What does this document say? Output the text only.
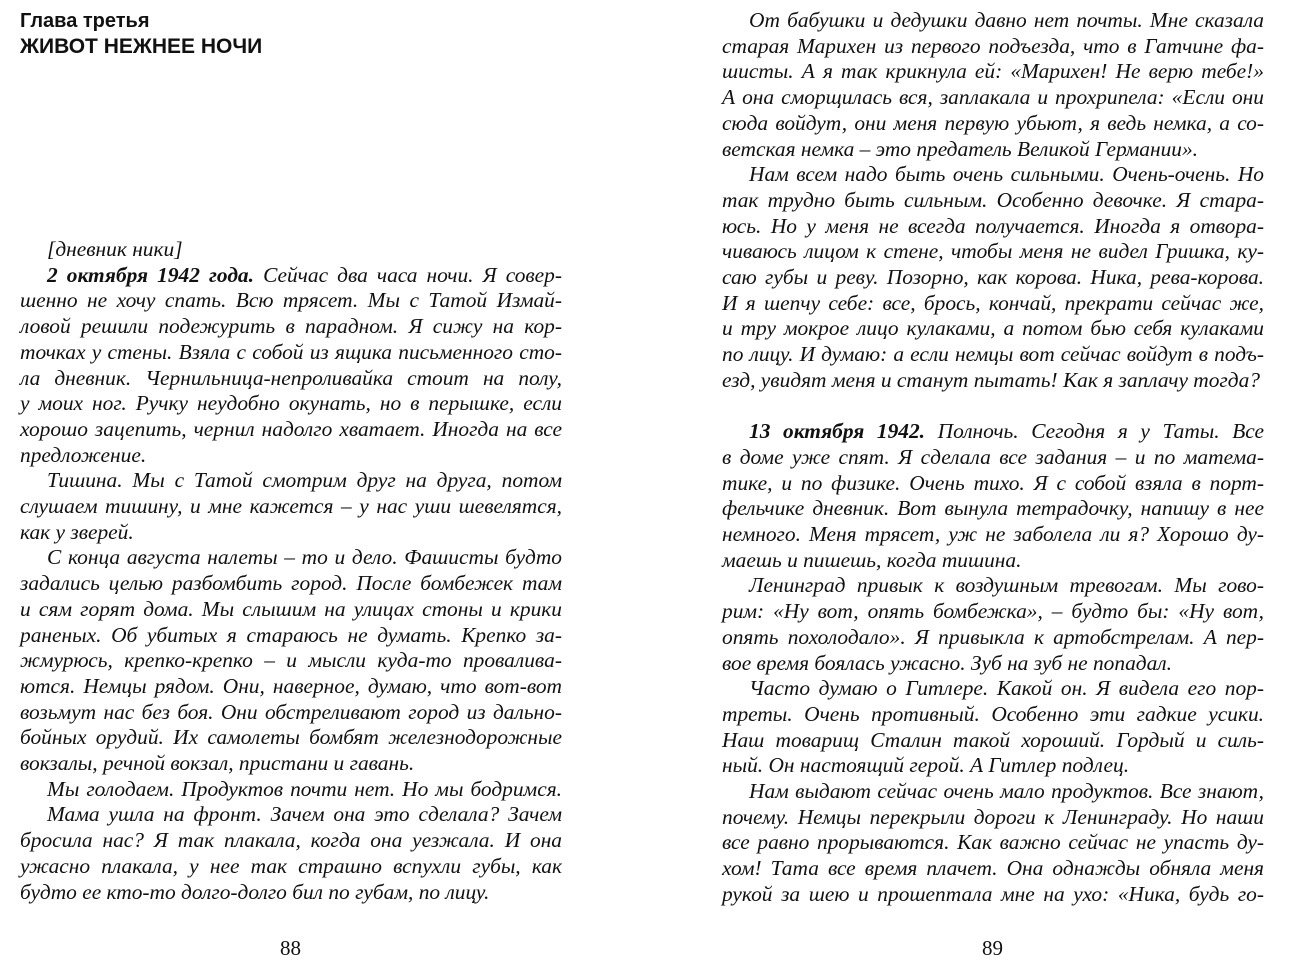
Глава третья
ЖИВОТ НЕЖНЕЕ НОЧИ

[дневник ники]

2 октября 1942 года. Сейчас два часа ночи. Я совер-

шенно не хочу спать. Всю трясет. Мы с Татой Измай-

ловой решили подежурить в парадном. Я сижу на кор-

точках у стены. Взяла с собой из ящика письменного сто-

ла дневник. Чернильница-непроливайка стоит на полу,

у моих ног. Ручку неудобно окунать, но в перышке, если

хорошо зацепить, чернил надолго хватает. Иногда на все

предложение.

Тишина. Мы с Татой смотрим друг на друга, потом

слушаем тишину, и мне кажется – у нас уши шевелятся,

как у зверей.

С конца августа налеты – то и дело. Фашисты будто

задались целью разбомбить город. После бомбежек там

и сям горят дома. Мы слышим на улицах стоны и крики

раненых. Об убитых я стараюсь не думать. Крепко за-

жмурюсь, крепко-крепко – и мысли куда-то проваливa-

ются. Немцы рядом. Они, наверное, думаю, что вот-вот

возьмут нас без боя. Они обстреливают город из дально-

бойных орудий. Их самолеты бомбят железнодорожные

вокзалы, речной вокзал, пристани и гавань.

Мы голодаем. Продуктов почти нет. Но мы бодримся.

Мама ушла на фронт. Зачем она это сделала? Зачем

бросила нас? Я так плакала, когда она уезжала. И она

ужасно плакала, у нее так страшно вспухли губы, как

будто ее кто-то долго-долго бил по губам, по лицу.

88

От бабушки и дедушки давно нет почты. Мне сказала

старая Марихен из первого подъезда, что в Гатчине фа-

шисты. А я так крикнула ей: «Марихен! Не верю тебе!»

А она сморщилась вся, заплакала и прохрипела: «Если они

сюда войдут, они меня первую убьют, я ведь немка, а со-

ветская немка – это предатель Великой Германии».

Нам всем надо быть очень сильными. Очень-очень. Но

так трудно быть сильным. Особенно девочке. Я стара-

юсь. Но у меня не всегда получается. Иногда я отвора-

чиваюсь лицом к стене, чтобы меня не видел Гришка, ку-

саю губы и реву. Позорно, как корова. Ника, рева-корова.

И я шепчу себе: все, брось, кончай, прекрати сейчас же,

и тру мокрое лицо кулаками, а потом бью себя кулаками

по лицу. И думаю: а если немцы вот сейчас войдут в подъ-

езд, увидят меня и станут пытать! Как я заплачу тогда?

13 октября 1942. Полночь. Сегодня я у Таты. Все

в доме уже спят. Я сделала все задания – и по матема-

тике, и по физике. Очень тихо. Я с собой взяла в порт-

фельчике дневник. Вот вынула тетрадочку, напишу в нее

немного. Меня трясет, уж не заболела ли я? Хорошо ду-

маешь и пишешь, когда тишина.

Ленинград привык к воздушным тревогам. Мы гово-

рим: «Ну вот, опять бомбежка», – будто бы: «Ну вот,

опять похолодало». Я привыкла к артобстрелам. А пер-

вое время боялась ужасно. Зуб на зуб не попадал.

Часто думаю о Гитлере. Какой он. Я видела его пор-

треты. Очень противный. Особенно эти гадкие усики.

Наш товарищ Сталин такой хороший. Гордый и силь-

ный. Он настоящий герой. А Гитлер подлец.

Нам выдают сейчас очень мало продуктов. Все знают,

почему. Немцы перекрыли дороги к Ленинграду. Но наши

все равно прорываются. Как важно сейчас не упасть ду-

хом! Тата все время плачет. Она однажды обняла меня

рукой за шею и прошептала мне на ухо: «Ника, будь го-

89
